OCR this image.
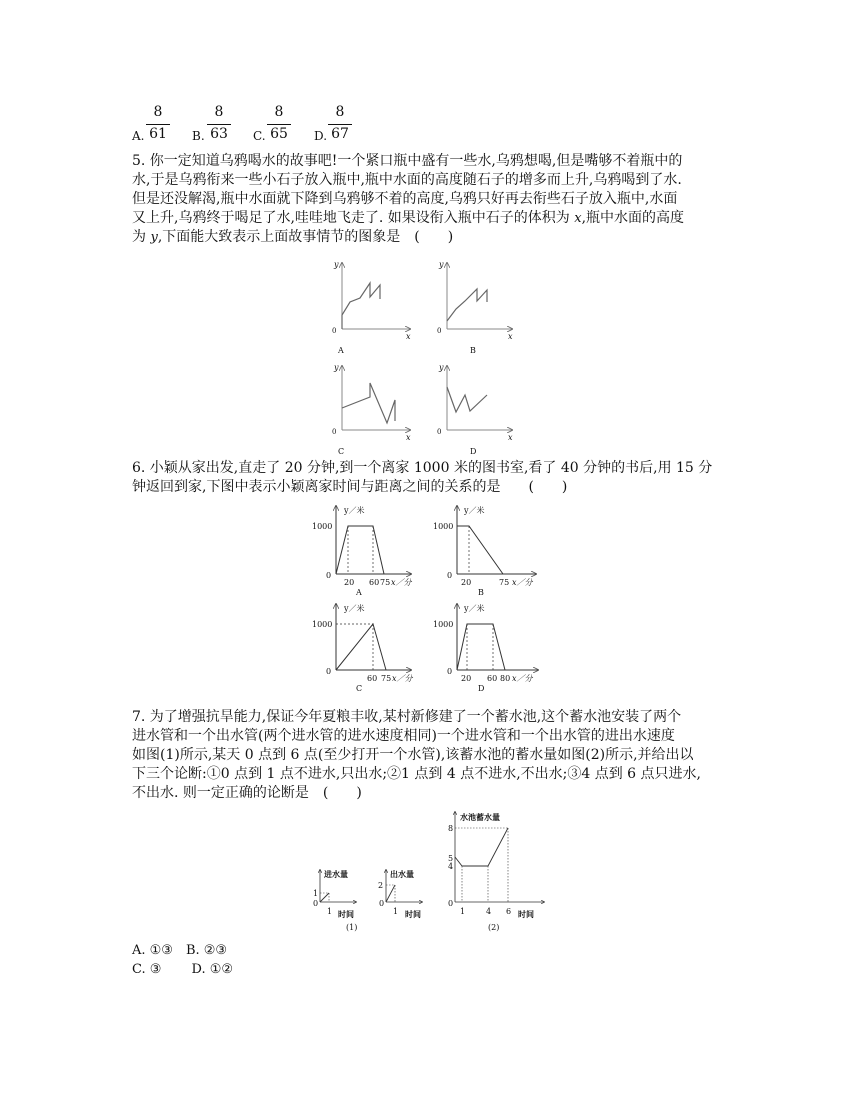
A.
8
61	B.
8
63	C.
8
65	D.
8
67

5. 你一定知道乌鸦喝水的故事吧!一个紧口瓶中盛有一些水,乌鸦想喝,但是嘴够不着瓶中的

水,于是乌鸦衔来一些小石子放入瓶中,瓶中水面的高度随石子的增多而上升,乌鸦喝到了水.

但是还没解渴,瓶中水面就下降到乌鸦够不着的高度,乌鸦只好再去衔些石子放入瓶中,水面

又上升,乌鸦终于喝足了水,哇哇地飞走了. 如果设衔入瓶中石子的体积为 x,瓶中水面的高度

为 y,下面能大致表示上面故事情节的图象是　(　　)

y
x
0
A
y
x
0
B
y
x
0
C
y
x
0
D

6. 小颖从家出发,直走了 20 分钟,到一个离家 1000 米的图书室,看了 40 分钟的书后,用 15 分

钟返回到家,下图中表示小颖离家时间与距离之间的关系的是　　(　　)

y／米
1000
0
20 60 75 x／分
A
y／米
1000
0
20	75 x／分
B
y／米
1000
0
60 75 x／分
C
y／米
1000
0
20 60 80 x／分
D

7. 为了增强抗旱能力,保证今年夏粮丰收,某村新修建了一个蓄水池,这个蓄水池安装了两个

进水管和一个出水管(两个进水管的进水速度相同)一个进水管和一个出水管的进出水速度

如图(1)所示,某天 0 点到 6 点(至少打开一个水管),该蓄水池的蓄水量如图(2)所示,并给出以

下三个论断:①0 点到 1 点不进水,只出水;②1 点到 4 点不进水,不出水;③4 点到 6 点只进水,

不出水. 则一定正确的论断是　(　　)

进水量
1
0
1 时间
出水量
2
0
1 时间
(1)
水池蓄水量
8
5
4
0
1	4 6 时间
(2)

A. ①③　B. ②③

C. ③　　 D. ①②
